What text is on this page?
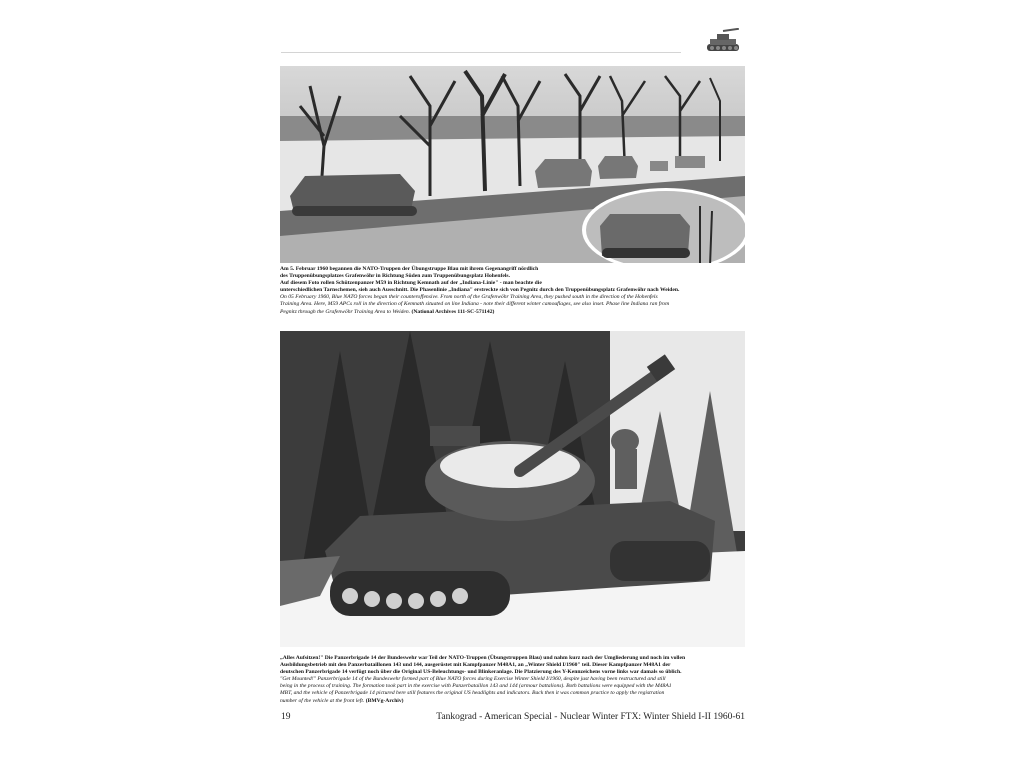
Am 5. Februar 1960 begannen die NATO-Truppen der Übungstruppe Blau mit ihrem Gegenangriff nördlich

des Truppenübungsplatzes Grafenwöhr in Richtung Süden zum Truppenübungsplatz Hohenfels.

Auf diesem Foto rollen Schützenpanzer M59 in Richtung Kemnath auf der „Indiana-Linie" - man beachte die

unterschiedlichen Tarnschemen, sieh auch Ausschnitt. Die Phasenlinie „Indiana" erstreckte sich von Pegnitz durch den Truppenübungsplatz Grafenwöhr nach Weiden.

On 05 February 1960, Blue NATO forces began their counteroffensive. From north of the Grafenwöhr Training Area, they pushed south in the direction of the Hohenfels

Training Area. Here, M59 APCs roll in the direction of Kemnath situated on line Indiana - note their different winter camouflages, see also inset. Phase line Indiana ran from

Pegnitz through the Grafenwöhr Training Area to Weiden. (National Archives 111-SC-571142)

„Alles Aufsitzen!" Die Panzerbrigade 14 der Bundeswehr war Teil der NATO-Truppen (Übungstruppen Blau) und nahm kurz nach der Umgliederung und noch im vollen

Ausbildungsbetrieb mit den Panzerbataillonen 143 und 144, ausgerüstet mit Kampfpanzer M48A1, an „Winter Shield I/1960" teil. Dieser Kampfpanzer M48A1 der

deutschen Panzerbrigade 14 verfügt noch über die Original US-Beleuchtungs- und Blinkeranlage. Die Platzierung des Y-Kennzeichens vorne links war damals so üblich.

"Get Mounted!" Panzerbrigade 14 of the Bundeswehr formed part of Blue NATO forces during Exercise Winter Shield I/1960, despite just having been restructured and still

being in the process of training. The formation took part in the exercise with Panzerbataillon 143 and 144 (armour battalions). Both battalions were equipped with the M48A1

MBT, and the vehicle of Panzerbrigade 14 pictured here still features the original US headlights and indicators. Back then it was common practice to apply the registration

number of the vehicle at the front left. (BMVg-Archiv)

19	Tankograd - American Special - Nuclear Winter FTX: Winter Shield I-II 1960-61
